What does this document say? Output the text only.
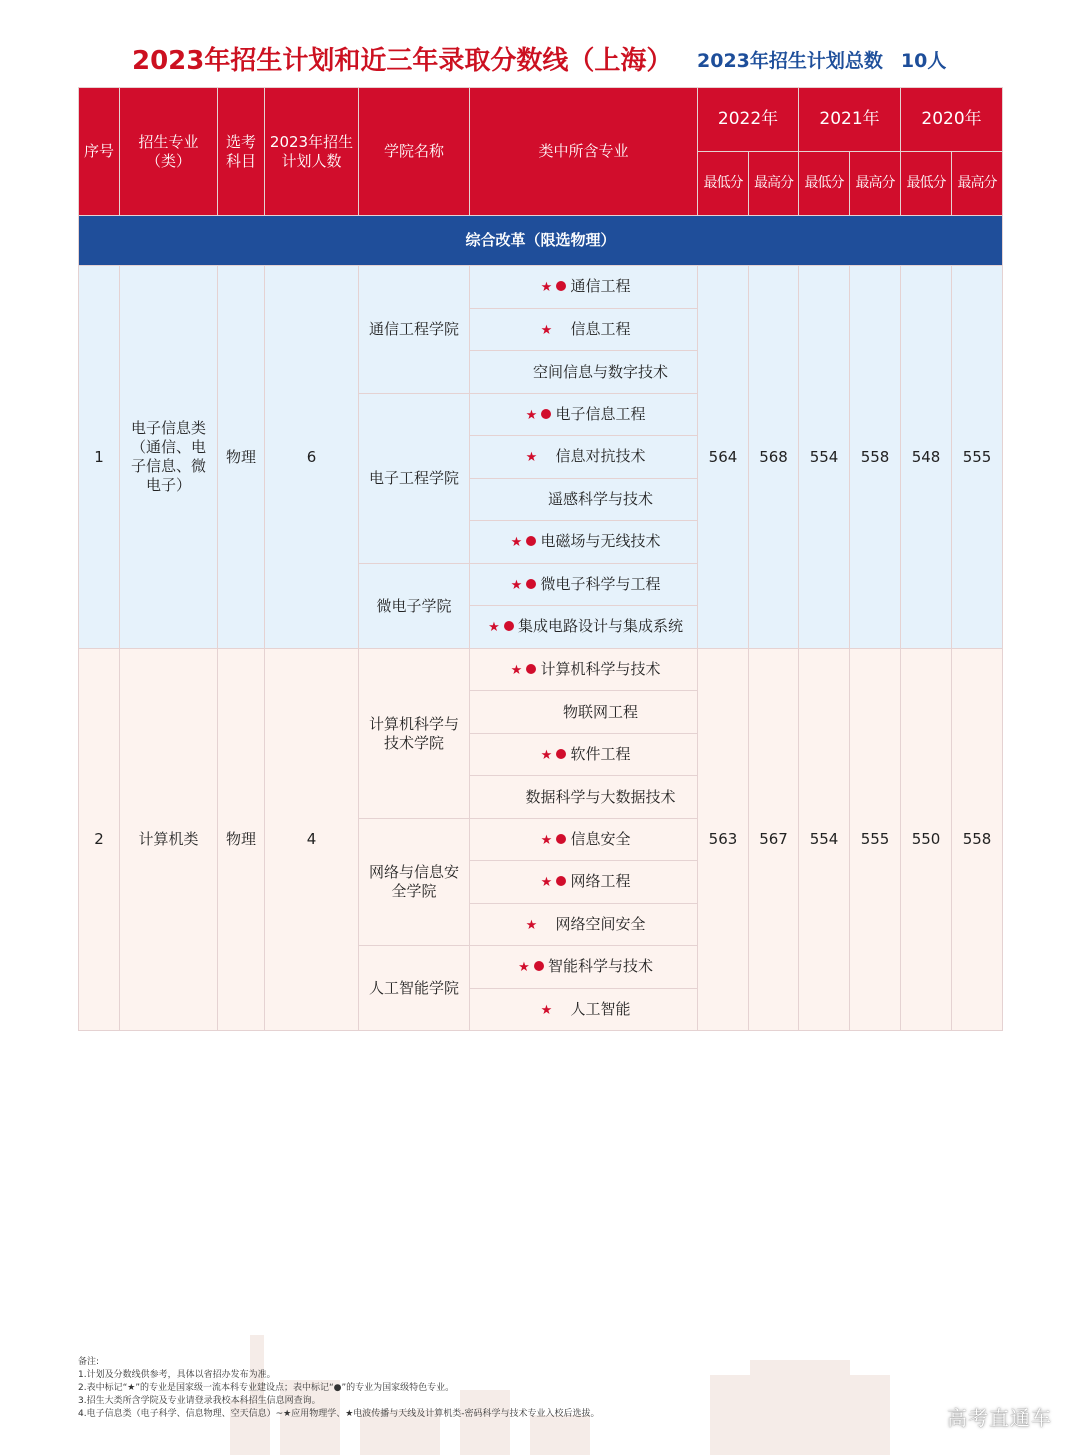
2023年招生计划和近三年录取分数线（上海） 2023年招生计划总数 10人
序号	招生专业（类）	选考科目	2023年招生计划人数	学院名称	类中所含专业	2022年		2021年		2020年	
						最低分	最高分	最低分	最高分	最低分	最高分
综合改革（限选物理）											
1	电子信息类（通信、电子信息、微电子）	物理	6	通信工程学院	★ 通信工程	564	568	554	558	548	555
					★ 信息工程						
					空间信息与数字技术						
				电子工程学院	★ 电子信息工程						
					★ 信息对抗技术						
					遥感科学与技术						
					★ 电磁场与无线技术						
				微电子学院	★ 微电子科学与工程						
					★ 集成电路设计与集成系统						
2	计算机类	物理	4	计算机科学与技术学院	★ 计算机科学与技术	563	567	554	555	550	558
					物联网工程						
					★ 软件工程						
					数据科学与大数据技术						

				网络与信息安全学院	★ 信息安全						
					★ 网络工程						
					★ 网络空间安全						
				人工智能学院	★ 智能科学与技术						
					★ 人工智能						
备注:
1.计划及分数线供参考，具体以省招办发布为准。
2.表中标记“★”的专业是国家级一流本科专业建设点；表中标记“●”的专业为国家级特色专业。
3.招生大类所含学院及专业请登录我校本科招生信息网查询。
4.电子信息类（电子科学、信息物理、空天信息）~★应用物理学、★电波传播与天线及计算机类-密码科学与技术专业入校后选拔。	高考直通车
